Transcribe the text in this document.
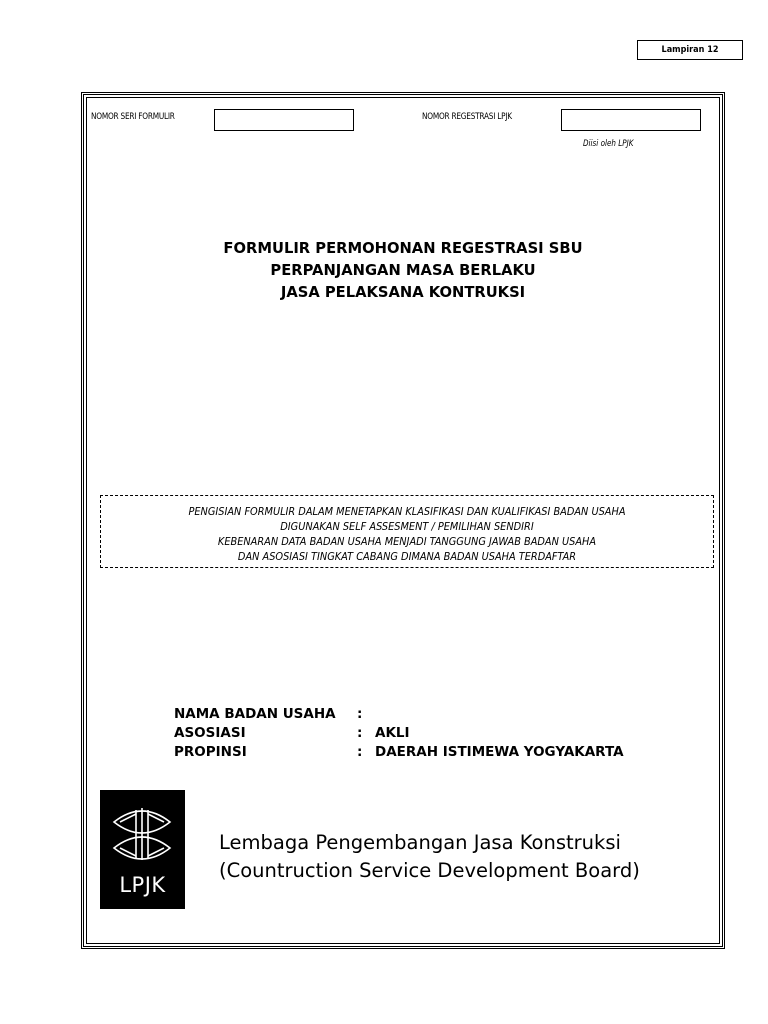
Lampiran 12
NOMOR SERI FORMULIR	NOMOR REGESTRASI LPJK
Diisi oleh LPJK
FORMULIR PERMOHONAN REGESTRASI SBU
PERPANJANGAN MASA BERLAKU
JASA PELAKSANA KONTRUKSI
PENGISIAN FORMULIR DALAM MENETAPKAN KLASIFIKASI DAN KUALIFIKASI BADAN USAHA
DIGUNAKAN SELF ASSESMENT / PEMILIHAN SENDIRI
KEBENARAN DATA BADAN USAHA MENJADI TANGGUNG JAWAB BADAN USAHA
DAN ASOSIASI TINGKAT CABANG DIMANA BADAN USAHA TERDAFTAR
NAMA BADAN USAHA	:
ASOSIASI	: AKLI
PROPINSI	: DAERAH ISTIMEWA YOGYAKARTA
LPJK
Lembaga Pengembangan Jasa Konstruksi
(Countruction Service Development Board)
